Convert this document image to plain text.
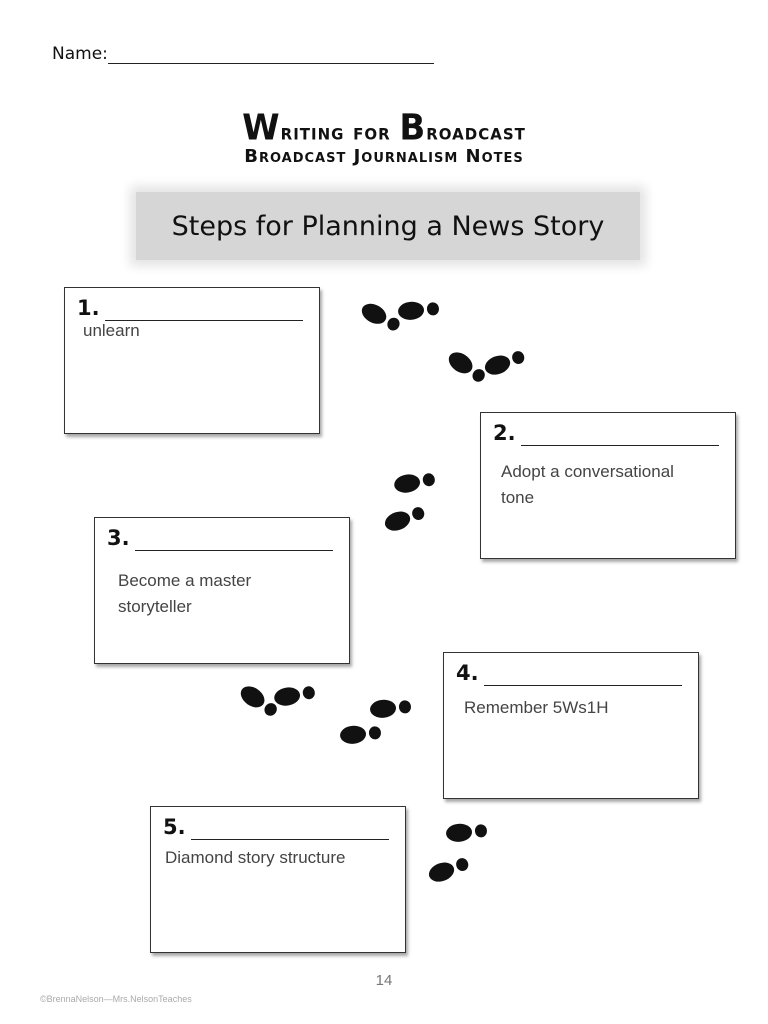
Name:
Writing for Broadcast
Broadcast Journalism Notes
Steps for Planning a News Story
1.
unlearn
2.
Adopt a conversational tone
3.
Become a master storyteller
4.
Remember 5Ws1H
5.
Diamond story structure
14
©BrennaNelson—Mrs.NelsonTeaches
